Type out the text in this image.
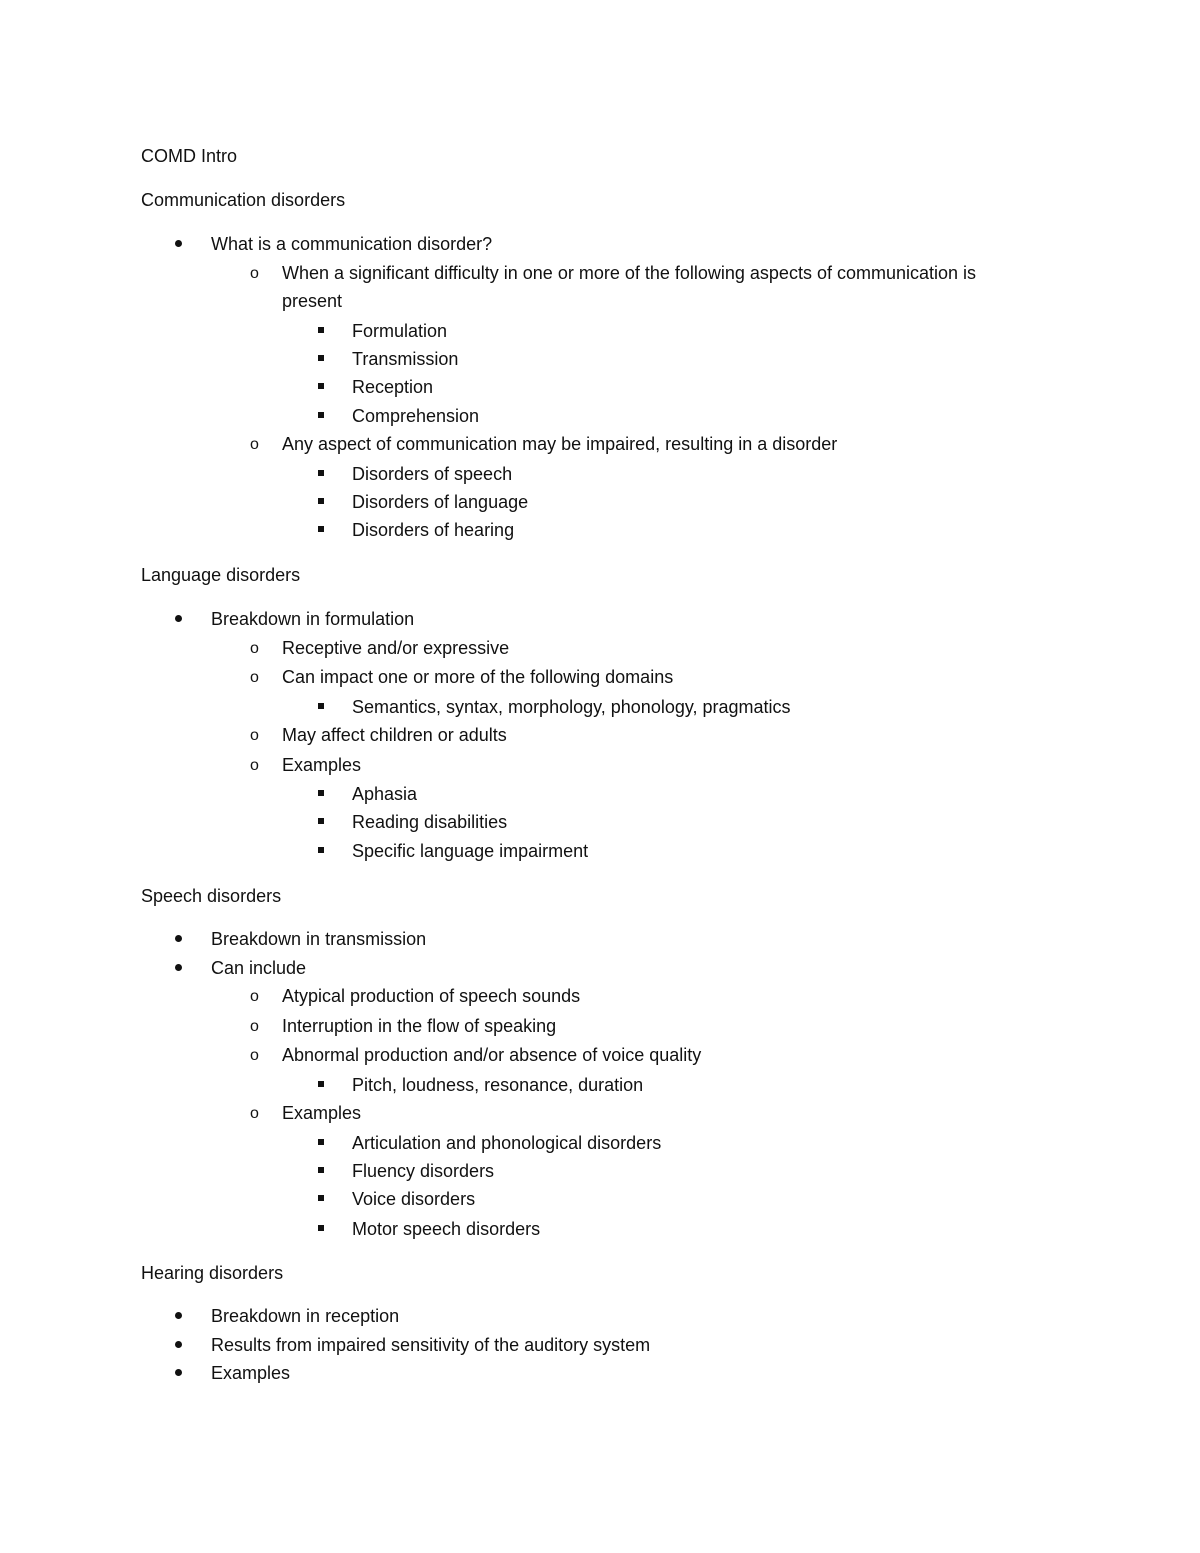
COMD Intro
Communication disorders
What is a communication disorder?
o When a significant difficulty in one or more of the following aspects of communication is
present
Formulation
Transmission
Reception
Comprehension
o Any aspect of communication may be impaired, resulting in a disorder
Disorders of speech
Disorders of language
Disorders of hearing
Language disorders
Breakdown in formulation
o Receptive and/or expressive
o Can impact one or more of the following domains
Semantics, syntax, morphology, phonology, pragmatics
o May affect children or adults
o Examples
Aphasia
Reading disabilities
Specific language impairment
Speech disorders
Breakdown in transmission
Can include
o Atypical production of speech sounds
o Interruption in the flow of speaking
o Abnormal production and/or absence of voice quality
Pitch, loudness, resonance, duration
o Examples
Articulation and phonological disorders
Fluency disorders
Voice disorders
Motor speech disorders
Hearing disorders
Breakdown in reception
Results from impaired sensitivity of the auditory system
Examples
